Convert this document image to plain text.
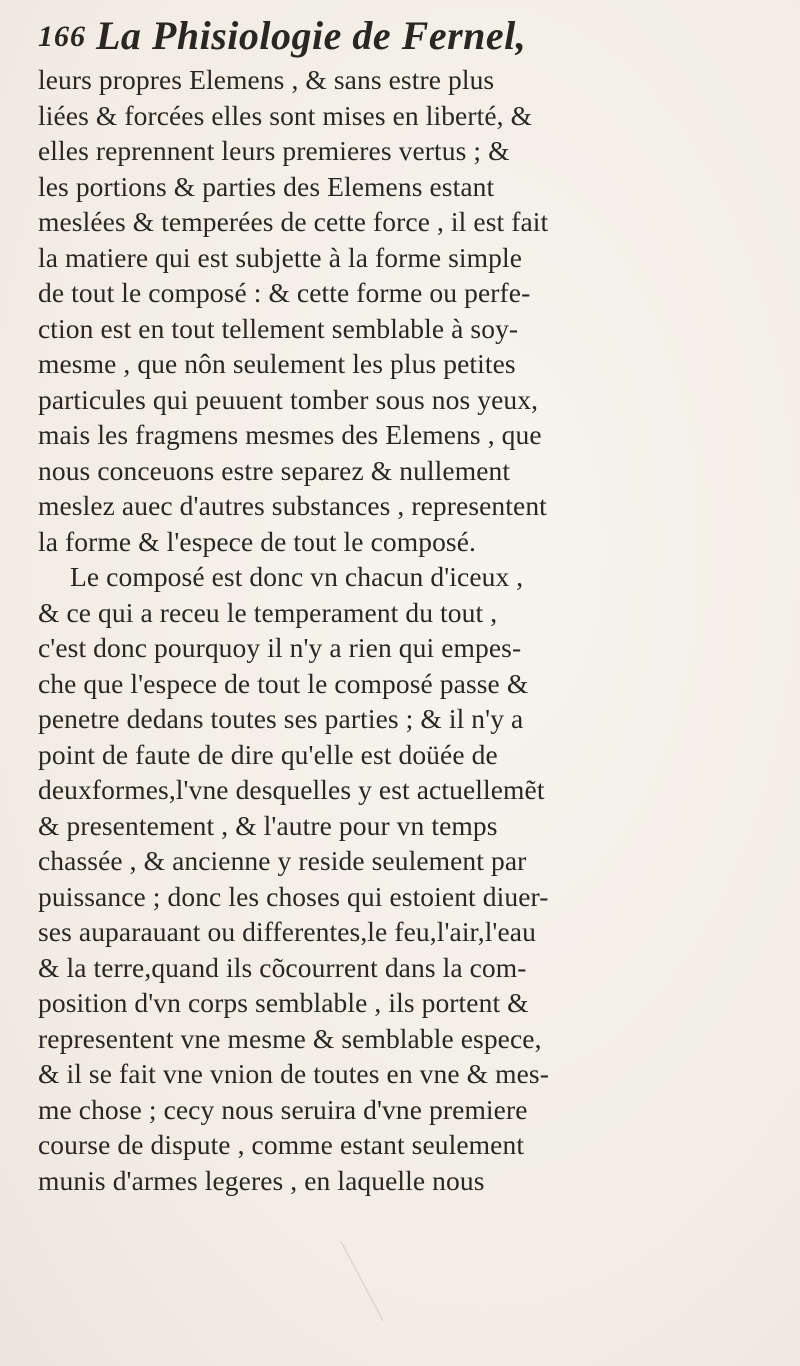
166 La Phisiologie de Fernel,
leurs propres Elemens , & sans estre plus
liées & forcées elles sont mises en liberté, &
elles reprennent leurs premieres vertus ; &
les portions & parties des Elemens estant
meslées & temperées de cette force , il est fait
la matiere qui est subjette à la forme simple
de tout le composé : & cette forme ou perfe-
ction est en tout tellement semblable à soy-
mesme , que nôn seulement les plus petites
particules qui peuuent tomber sous nos yeux,
mais les fragmens mesmes des Elemens , que
nous conceuons estre separez & nullement
meslez auec d'autres substances , representent
la forme & l'espece de tout le composé.
Le composé est donc vn chacun d'iceux ,
& ce qui a receu le temperament du tout ,
c'est donc pourquoy il n'y a rien qui empes-
che que l'espece de tout le composé passe &
penetre dedans toutes ses parties ; & il n'y a
point de faute de dire qu'elle est doüée de
deuxformes,l'vne desquelles y est actuellemẽt
& presentement , & l'autre pour vn temps
chassée , & ancienne y reside seulement par
puissance ; donc les choses qui estoient diuer-
ses auparauant ou differentes,le feu,l'air,l'eau
& la terre,quand ils cõcourrent dans la com-
position d'vn corps semblable , ils portent &
representent vne mesme & semblable espece,
& il se fait vne vnion de toutes en vne & mes-
me chose ; cecy nous seruira d'vne premiere
course de dispute , comme estant seulement
munis d'armes legeres , en laquelle nous
